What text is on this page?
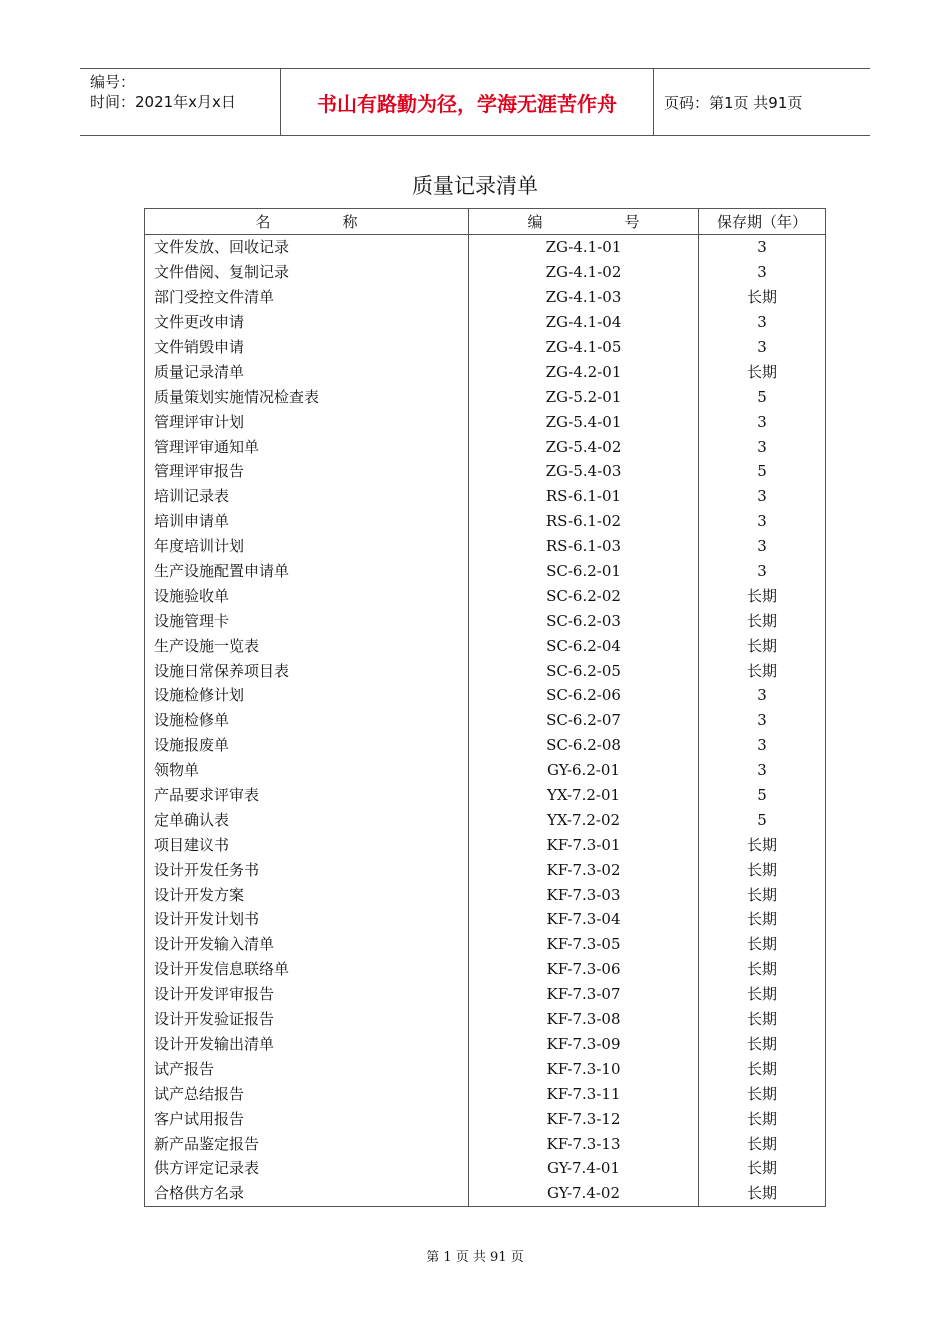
编号：
时间：2021年x月x日	书山有路勤为径，学海无涯苦作舟	页码：第1页 共91页
质量记录清单
名 称	编 号	保存期（年）
文件发放、回收记录	ZG-4.1-01	3
文件借阅、复制记录	ZG-4.1-02	3
部门受控文件清单	ZG-4.1-03	长期
文件更改申请	ZG-4.1-04	3
文件销毁申请	ZG-4.1-05	3
质量记录清单	ZG-4.2-01	长期
质量策划实施情况检查表	ZG-5.2-01	5
管理评审计划	ZG-5.4-01	3
管理评审通知单	ZG-5.4-02	3
管理评审报告	ZG-5.4-03	5
培训记录表	RS-6.1-01	3
培训申请单	RS-6.1-02	3
年度培训计划	RS-6.1-03	3
生产设施配置申请单	SC-6.2-01	3
设施验收单	SC-6.2-02	长期
设施管理卡	SC-6.2-03	长期
生产设施一览表	SC-6.2-04	长期
设施日常保养项目表	SC-6.2-05	长期
设施检修计划	SC-6.2-06	3
设施检修单	SC-6.2-07	3
设施报废单	SC-6.2-08	3
领物单	GY-6.2-01	3
产品要求评审表	YX-7.2-01	5
定单确认表	YX-7.2-02	5
项目建议书	KF-7.3-01	长期
设计开发任务书	KF-7.3-02	长期
设计开发方案	KF-7.3-03	长期
设计开发计划书	KF-7.3-04	长期
设计开发输入清单	KF-7.3-05	长期
设计开发信息联络单	KF-7.3-06	长期
设计开发评审报告	KF-7.3-07	长期
设计开发验证报告	KF-7.3-08	长期
设计开发输出清单	KF-7.3-09	长期
试产报告	KF-7.3-10	长期
试产总结报告	KF-7.3-11	长期
客户试用报告	KF-7.3-12	长期
新产品鉴定报告	KF-7.3-13	长期
供方评定记录表	GY-7.4-01	长期
合格供方名录	GY-7.4-02	长期
第 1 页 共 91 页
